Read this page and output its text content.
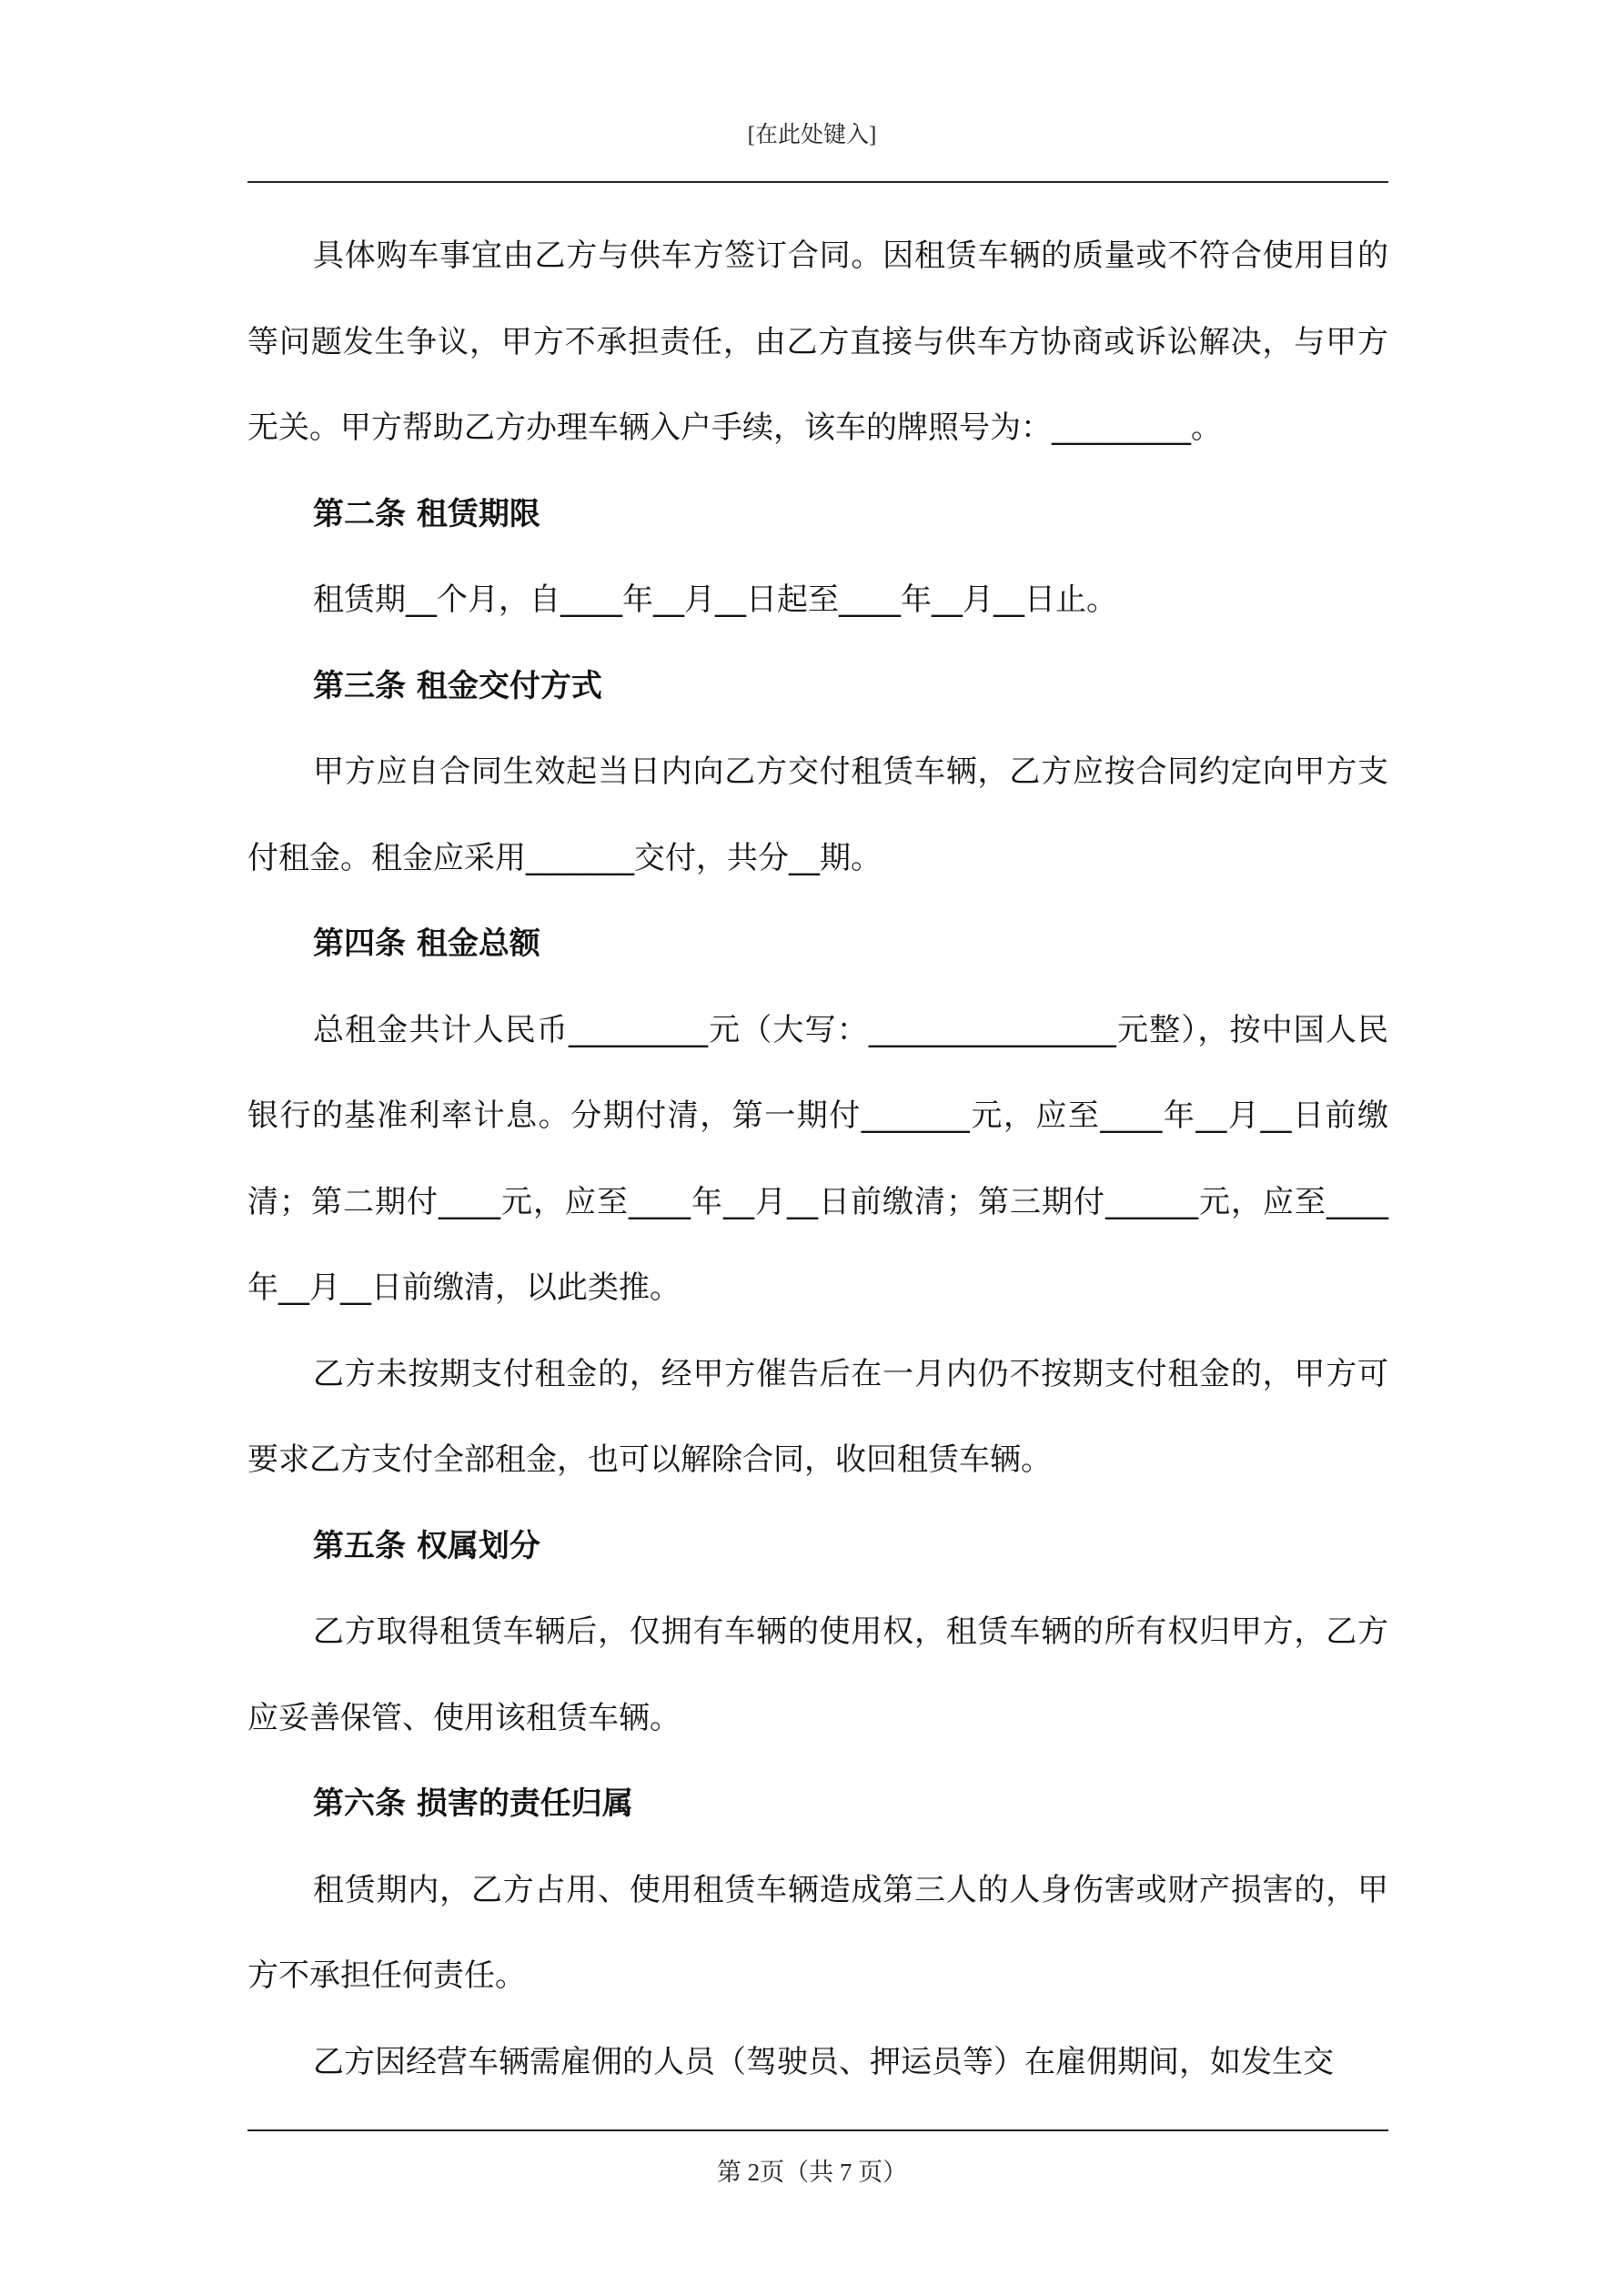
[在此处键入]

具体购车事宜由乙方与供车方签订合同。因租赁车辆的质量或不符合使用目的等问题发生争议，甲方不承担责任，由乙方直接与供车方协商或诉讼解决，与甲方无关。甲方帮助乙方办理车辆入户手续，该车的牌照号为：_________。

第二条 租赁期限

租赁期__个月，自____年__月__日起至____年__月__日止。

第三条 租金交付方式

甲方应自合同生效起当日内向乙方交付租赁车辆，乙方应按合同约定向甲方支付租金。租金应采用_______交付，共分__期。

第四条 租金总额

总租金共计人民币_________元（大写：________________元整），按中国人民银行的基准利率计息。分期付清，第一期付_______元，应至____年__月__日前缴清；第二期付____元，应至____年__月__日前缴清；第三期付______元，应至____年__月__日前缴清，以此类推。

乙方未按期支付租金的，经甲方催告后在一月内仍不按期支付租金的，甲方可要求乙方支付全部租金，也可以解除合同，收回租赁车辆。

第五条 权属划分

乙方取得租赁车辆后，仅拥有车辆的使用权，租赁车辆的所有权归甲方，乙方应妥善保管、使用该租赁车辆。

第六条 损害的责任归属

租赁期内，乙方占用、使用租赁车辆造成第三人的人身伤害或财产损害的，甲方不承担任何责任。

乙方因经营车辆需雇佣的人员（驾驶员、押运员等）在雇佣期间，如发生交

第 2页（共 7 页）
